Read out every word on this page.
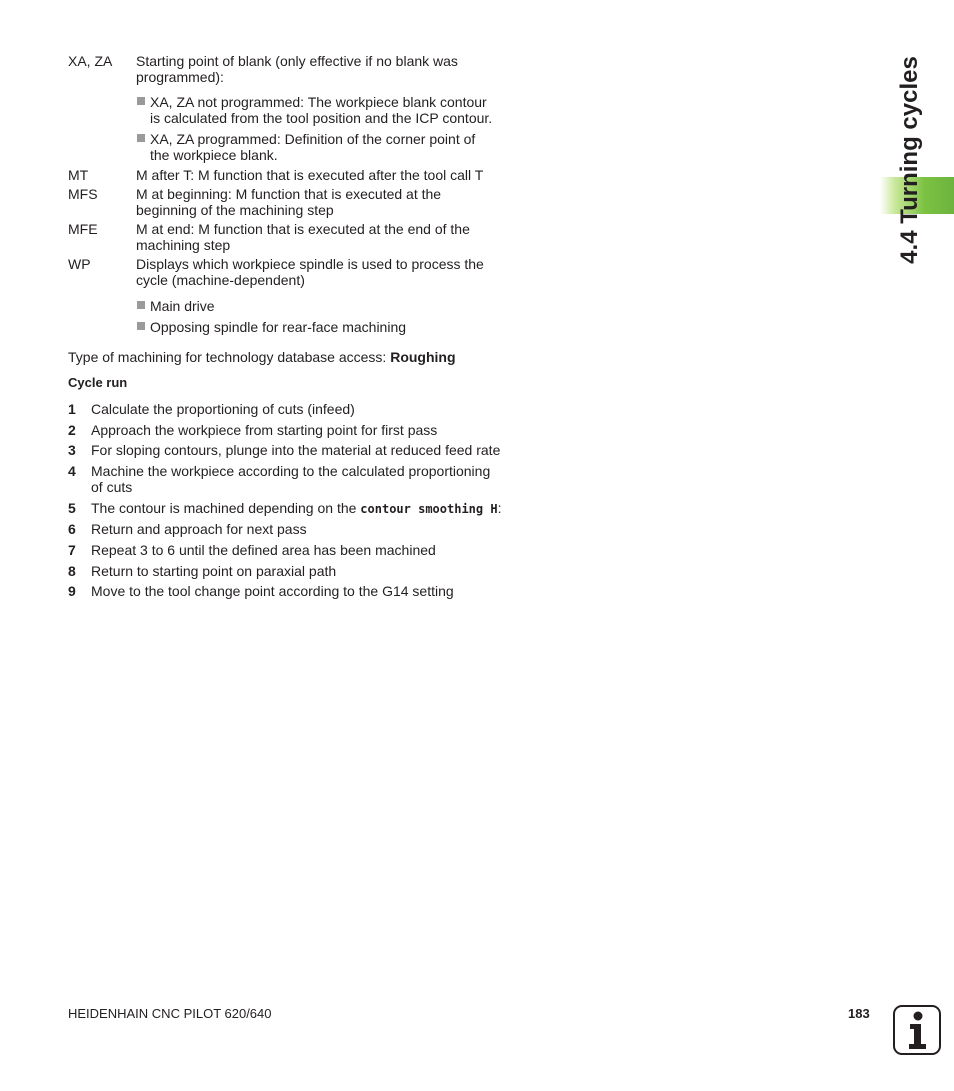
XA, ZA Starting point of blank (only effective if no blank was
programmed):
XA, ZA not programmed: The workpiece blank contour
is calculated from the tool position and the ICP contour.
XA, ZA programmed: Definition of the corner point of
the workpiece blank.
MT	M after T: M function that is executed after the tool call T
MFS	M at beginning: M function that is executed at the
beginning of the machining step
MFE	M at end: M function that is executed at the end of the
machining step
WP	Displays which workpiece spindle is used to process the
cycle (machine-dependent)
Main drive
Opposing spindle for rear-face machining
Type of machining for technology database access: Roughing
Cycle run
1 Calculate the proportioning of cuts (infeed)
2 Approach the workpiece from starting point for first pass
3 For sloping contours, plunge into the material at reduced feed rate
4 Machine the workpiece according to the calculated proportioning
of cuts
5 The contour is machined depending on the contour smoothing H:
6 Return and approach for next pass
7 Repeat 3 to 6 until the defined area has been machined
8 Return to starting point on paraxial path
9 Move to the tool change point according to the G14 setting
4.4 Turning cycles
HEIDENHAIN CNC PILOT 620/640	183
